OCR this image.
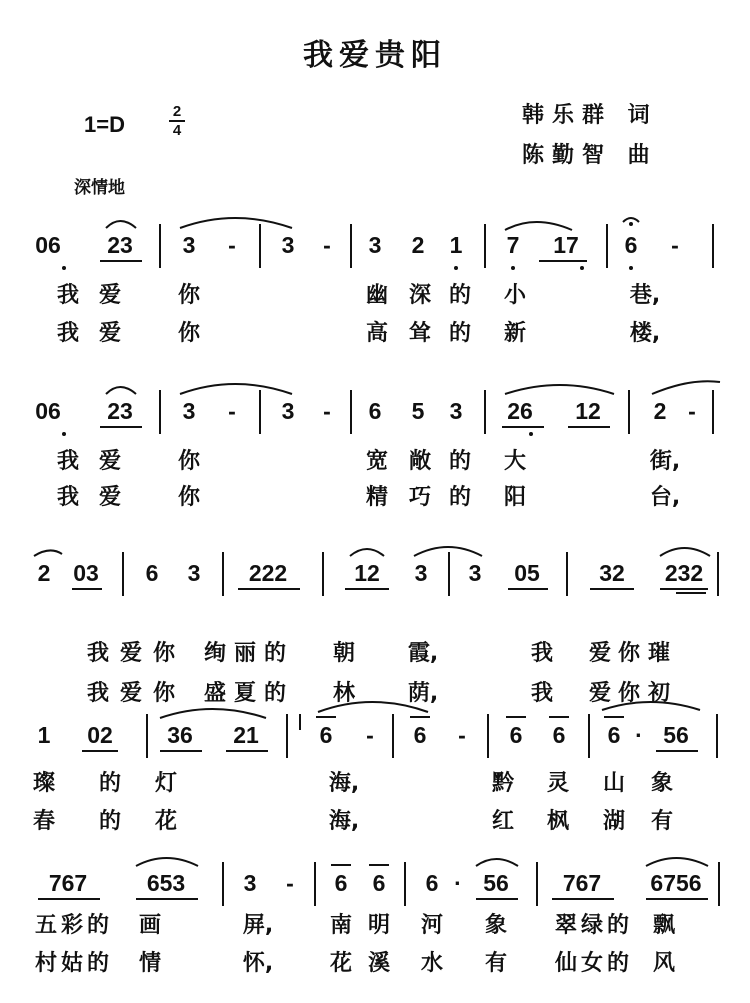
我爱贵阳
韩乐群 词
陈勤智 曲
1=D
2
4
深情地
06 23 3 - 3 - 3 2 1 7 17 6 -
我 爱	你	幽 深 的 小	巷,
我 爱	你	高 耸 的 新	楼,
06 23 3 - 3 - 6 5 3 26 12 2 -
我 爱	你	宽 敞 的 大	街,
我 爱	你	精 巧 的 阳	台,
2 03 6 3 222	12 3 3 05	32 232
我 爱 你 绚 丽 的 朝 霞,	我 爱 你 璀
我 爱 你 盛 夏 的 林 荫,	我 爱 你 初
1 02 36 21	6 - 6 - 6 6 6 · 56
璨 的 灯	海,	黔 灵 山 象
春 的 花	海,	红 枫 湖 有
767	653	3 - 6 6 6 · 56 767 6756
五 彩 的 画	屏,	南 明 河 象 翠 绿 的 飘
村 姑 的 情	怀,	花 溪 水 有 仙 女 的 风
